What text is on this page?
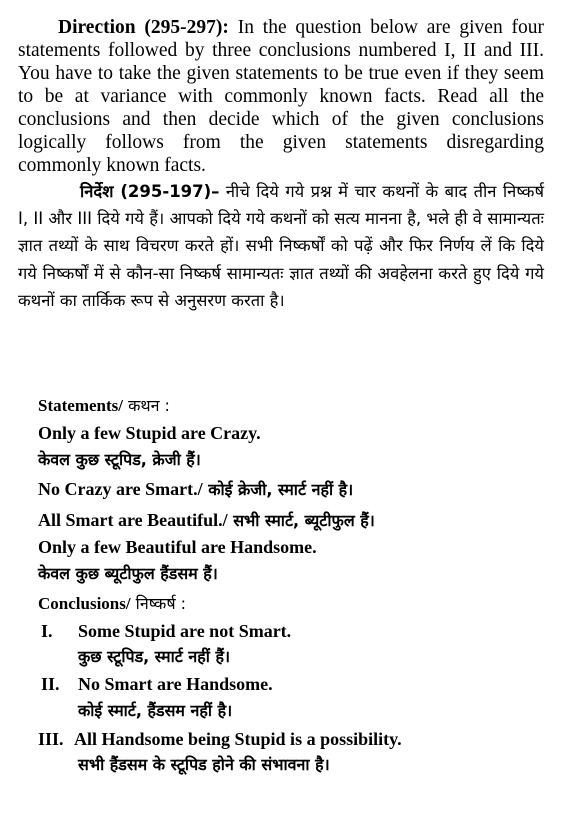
Direction (295-297): In the question below are given four statements followed by three conclusions numbered I, II and III. You have to take the given statements to be true even if they seem to be at variance with commonly known facts. Read all the conclusions and then decide which of the given conclusions logically follows from the given statements disregarding commonly known facts.
निर्देश (295-197)– नीचे दिये गये प्रश्न में चार कथनों के बाद तीन निष्कर्ष I, II और III दिये गये हैं। आपको दिये गये कथनों को सत्य मानना है, भले ही वे सामान्यतः ज्ञात तथ्यों के साथ विचरण करते हों। सभी निष्कर्षों को पढ़ें और फिर निर्णय लें कि दिये गये निष्कर्षों में से कौन-सा निष्कर्ष सामान्यतः ज्ञात तथ्यों की अवहेलना करते हुए दिये गये कथनों का तार्किक रूप से अनुसरण करता है।
Statements/ कथन :
Only a few Stupid are Crazy.
केवल कुछ स्टूपिड, क्रेजी हैं।
No Crazy are Smart./ कोई क्रेजी, स्मार्ट नहीं है।
All Smart are Beautiful./ सभी स्मार्ट, ब्यूटीफुल हैं।
Only a few Beautiful are Handsome.
केवल कुछ ब्यूटीफुल हैंडसम हैं।
Conclusions/ निष्कर्ष :
I. Some Stupid are not Smart.
कुछ स्टूपिड, स्मार्ट नहीं हैं।
II. No Smart are Handsome.
कोई स्मार्ट, हैंडसम नहीं है।
III. All Handsome being Stupid is a possibility.
सभी हैंडसम के स्टूपिड होने की संभावना है।
